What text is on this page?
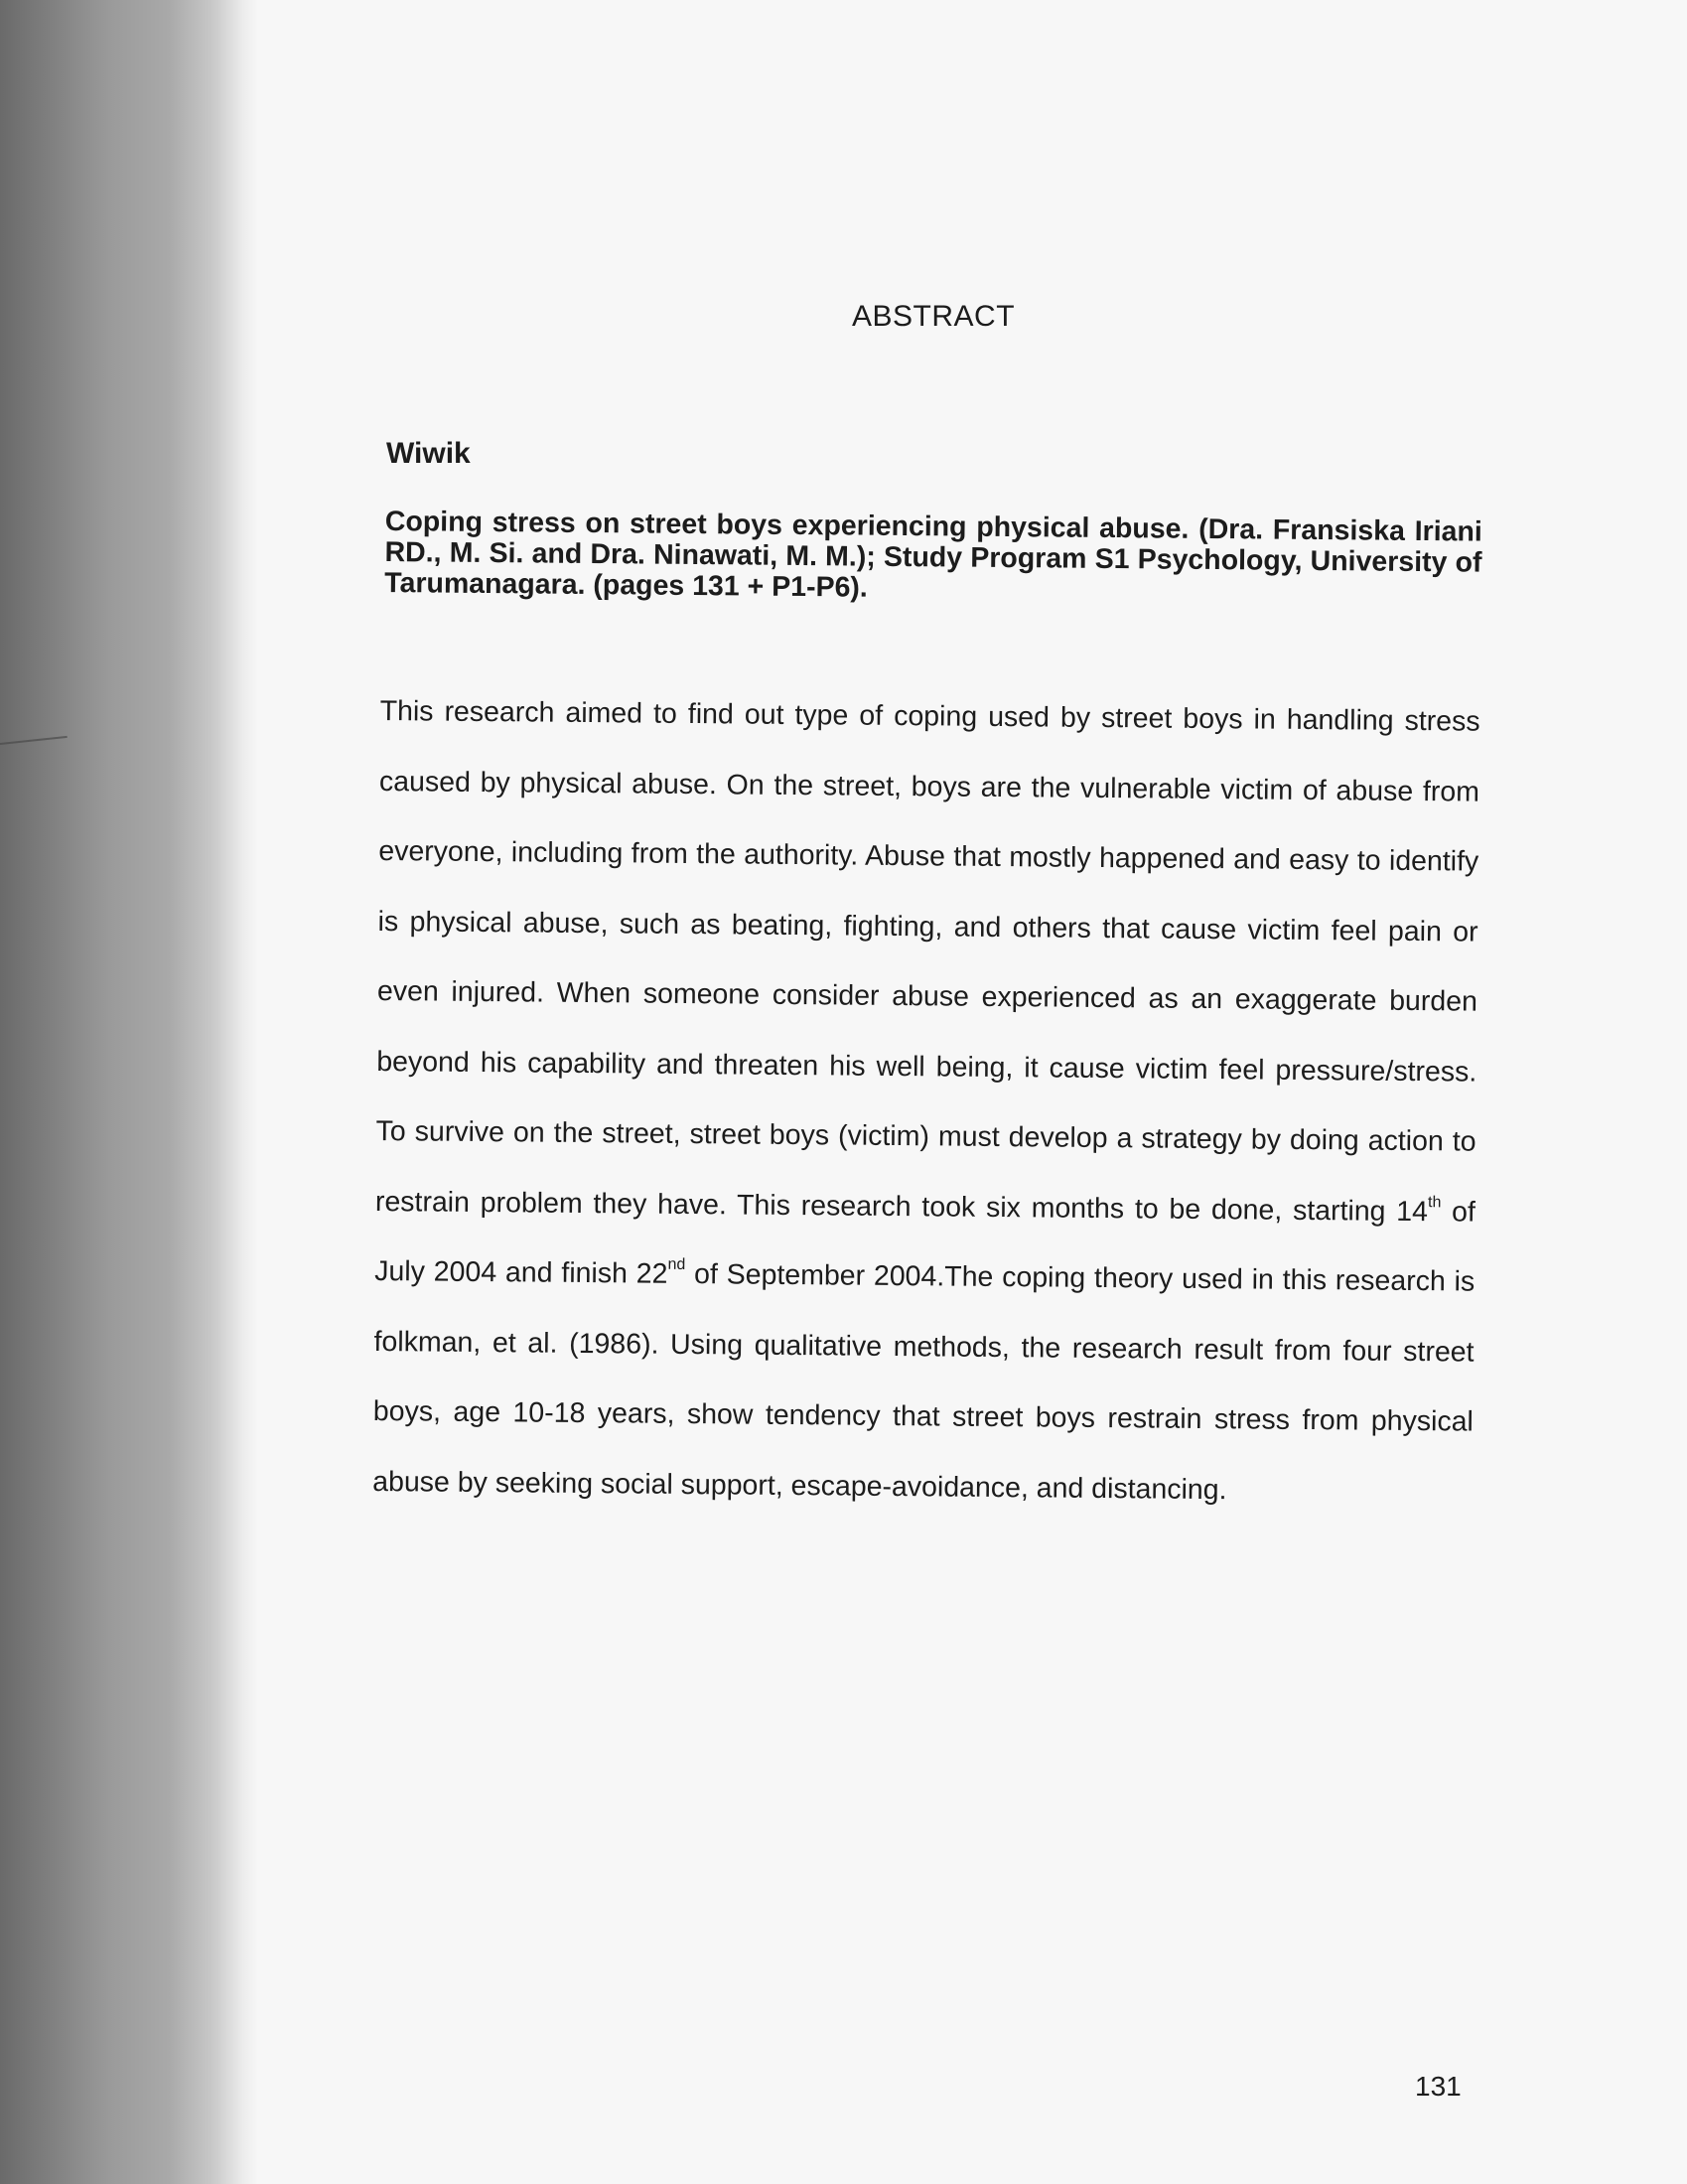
ABSTRACT
Wiwik
Coping stress on street boys experiencing physical abuse. (Dra. Fransiska Iriani RD., M. Si. and Dra. Ninawati, M. M.); Study Program S1 Psychology, University of Tarumanagara. (pages 131 + P1-P6).
This research aimed to find out type of coping used by street boys in handling stress caused by physical abuse. On the street, boys are the vulnerable victim of abuse from everyone, including from the authority. Abuse that mostly happened and easy to identify is physical abuse, such as beating, fighting, and others that cause victim feel pain or even injured. When someone consider abuse experienced as an exaggerate burden beyond his capability and threaten his well being, it cause victim feel pressure/stress. To survive on the street, street boys (victim) must develop a strategy by doing action to restrain problem they have. This research took six months to be done, starting 14th of July 2004 and finish 22nd of September 2004.The coping theory used in this research is folkman, et al. (1986). Using qualitative methods, the research result from four street boys, age 10-18 years, show tendency that street boys restrain stress from physical abuse by seeking social support, escape-avoidance, and distancing.
131
